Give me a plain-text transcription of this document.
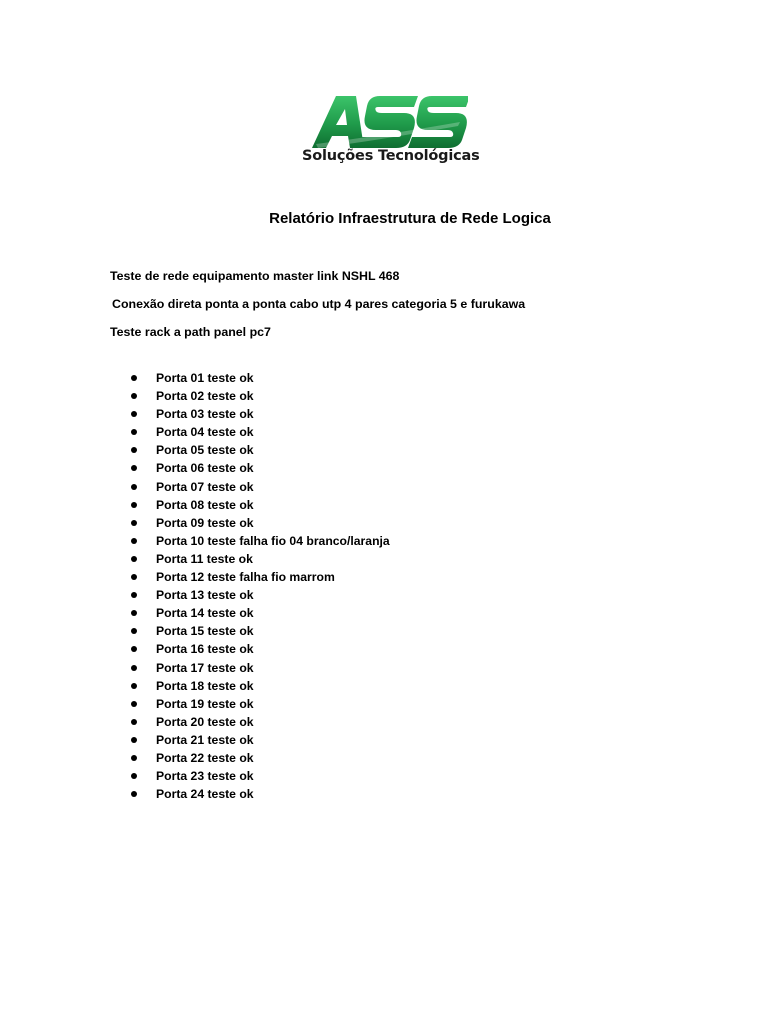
Soluções Tecnológicas
Relatório Infraestrutura de Rede Logica
Teste de rede equipamento master link NSHL 468
Conexão direta ponta a ponta cabo utp 4 pares categoria 5 e furukawa
Teste rack a path panel pc7
Porta 01 teste ok
Porta 02 teste ok
Porta 03 teste ok
Porta 04 teste ok
Porta 05 teste ok
Porta 06 teste ok
Porta 07 teste ok
Porta 08 teste ok
Porta 09 teste ok
Porta 10 teste falha fio 04 branco/laranja
Porta 11 teste ok
Porta 12 teste falha fio marrom
Porta 13 teste ok
Porta 14 teste ok
Porta 15 teste ok
Porta 16 teste ok
Porta 17 teste ok
Porta 18 teste ok
Porta 19 teste ok
Porta 20 teste ok
Porta 21 teste ok
Porta 22 teste ok
Porta 23 teste ok
Porta 24 teste ok
